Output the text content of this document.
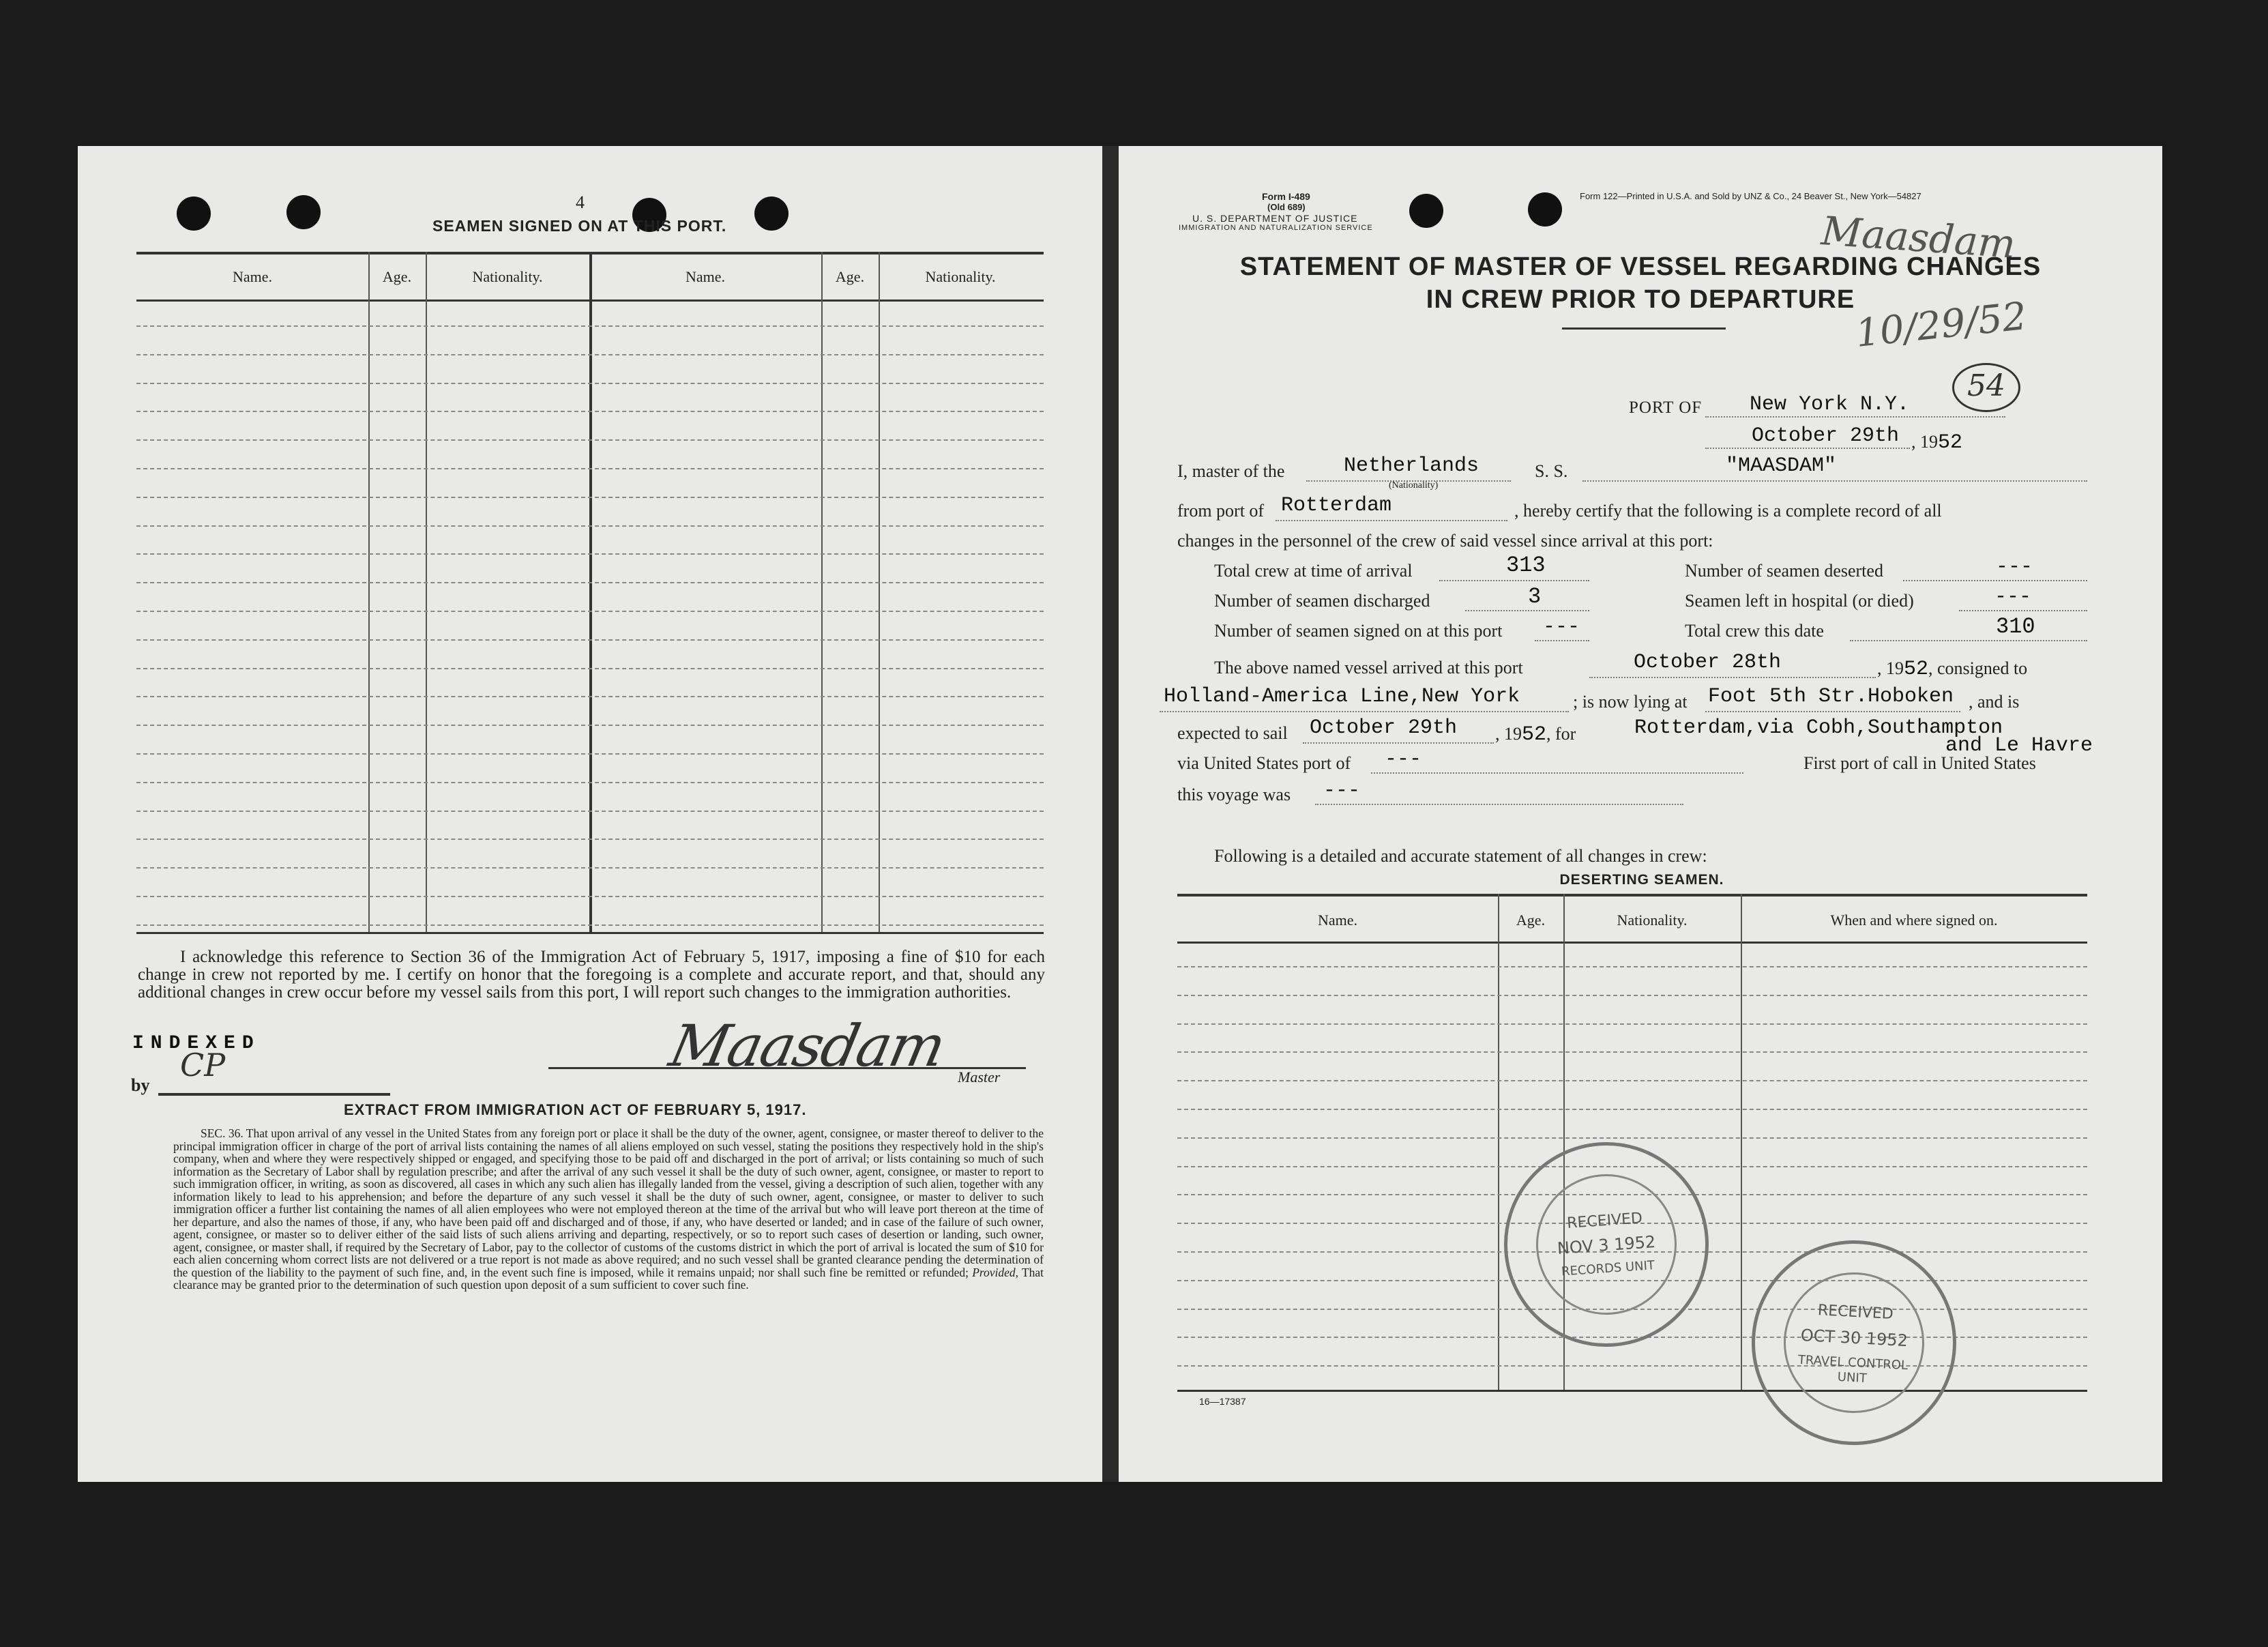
4
SEAMEN SIGNED ON AT THIS PORT.
Name.	Age.	Nationality.	Name.	Age.	Nationality.
I acknowledge this reference to Section 36 of the Immigration Act of February 5, 1917, imposing a fine of $10 for each change in crew not reported by me. I certify on honor that the foregoing is a complete and accurate report, and that, should any additional changes in crew occur before my vessel sails from this port, I will report such changes to the immigration authorities.
INDEXED
by
CP	Maasdam Master
EXTRACT FROM IMMIGRATION ACT OF FEBRUARY 5, 1917.
SEC. 36. That upon arrival of any vessel in the United States from any foreign port or place it shall be the duty of the owner, agent, consignee, or master thereof to deliver to the principal immigration officer in charge of the port of arrival lists containing the names of all aliens employed on such vessel, stating the positions they respectively hold in the ship's company, when and where they were respectively shipped or engaged, and specifying those to be paid off and discharged in the port of arrival; or lists containing so much of such information as the Secretary of Labor shall by regulation prescribe; and after the arrival of any such vessel it shall be the duty of such owner, agent, consignee, or master to report to such immigration officer, in writing, as soon as discovered, all cases in which any such alien has illegally landed from the vessel, giving a description of such alien, together with any information likely to lead to his apprehension; and before the departure of any such vessel it shall be the duty of such owner, agent, consignee, or master to deliver to such immigration officer a further list containing the names of all alien employees who were not employed thereon at the time of the arrival but who will leave port thereon at the time of her departure, and also the names of those, if any, who have been paid off and discharged and of those, if any, who have deserted or landed; and in case of the failure of such owner, agent, consignee, or master so to deliver either of the said lists of such aliens arriving and departing, respectively, or so to report such cases of desertion or landing, such owner, agent, consignee, or master shall, if required by the Secretary of Labor, pay to the collector of customs of the customs district in which the port of arrival is located the sum of $10 for each alien concerning whom correct lists are not delivered or a true report is not made as above required; and no such vessel shall be granted clearance pending the determination of the question of the liability to the payment of such fine, and, in the event such fine is imposed, while it remains unpaid; nor shall such fine be remitted or refunded; Provided, That clearance may be granted prior to the determination of such question upon deposit of a sum sufficient to cover such fine.
Form I-489
(Old 689)
U. S. DEPARTMENT OF JUSTICE
IMMIGRATION AND NATURALIZATION SERVICE
Form 122—Printed in U.S.A. and Sold by UNZ & Co., 24 Beaver St., New York—54827
Maasdam
10/29/52
54
STATEMENT OF MASTER OF VESSEL REGARDING CHANGES
IN CREW PRIOR TO DEPARTURE
PORT OF New York N.Y.
October 29th , 1952
I, master of the	Netherlands
(Nationality)
S. S.	"MAASDAM"
from port of Rotterdam	, hereby certify that the following is a complete record of all
changes in the personnel of the crew of said vessel since arrival at this port:
Total crew at time of arrival	313	Number of seamen deserted	---
Number of seamen discharged	3	Seamen left in hospital (or died)	---
Number of seamen signed on at this port ---	Total crew this date	310
The above named vessel arrived at this port	October 28th	, 1952, consigned to
Holland-America Line,New York	; is now lying at Foot 5th Str.Hoboken , and is
expected to sail October 29th , 1952, for	Rotterdam,via Cobh,Southampton
and Le Havre
via United States port of ---	First port of call in United States
this voyage was ---
Following is a detailed and accurate statement of all changes in crew:
DESERTING SEAMEN.
Name.	Age.	Nationality.	When and where signed on.
RECEIVED
NOV 3 1952
RECORDS UNIT
RECEIVED
OCT 30 1952
TRAVEL CONTROL
UNIT
16—17387
